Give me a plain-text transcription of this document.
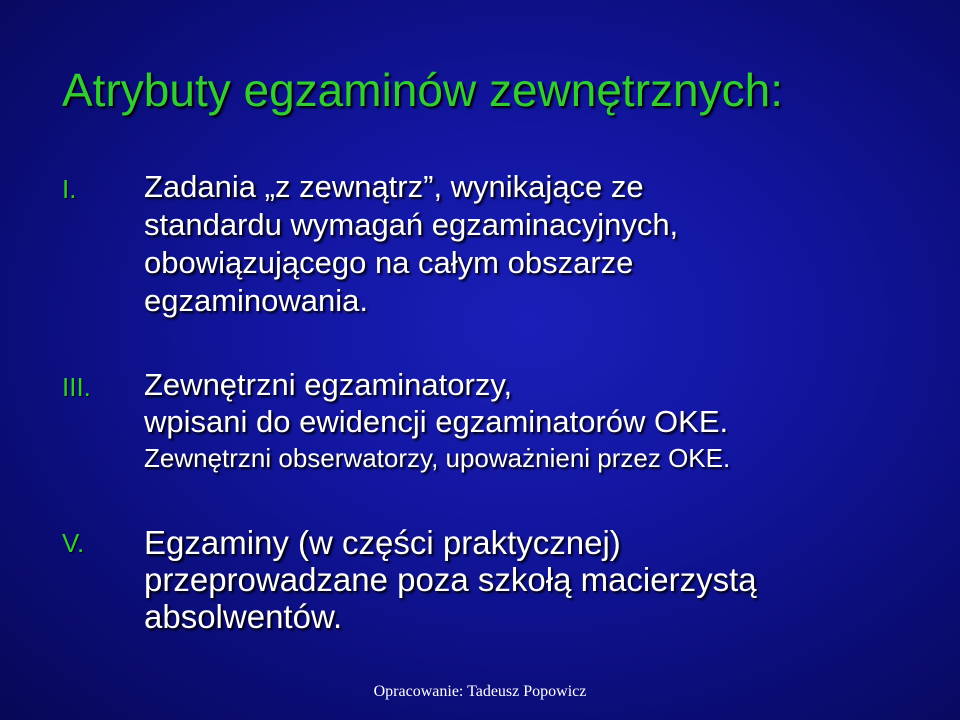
Atrybuty egzaminów zewnętrznych:
I. Zadania „z zewnątrz”, wynikające ze
standardu wymagań egzaminacyjnych,
obowiązującego na całym obszarze
egzaminowania.
III. Zewnętrzni egzaminatorzy,
wpisani do ewidencji egzaminatorów OKE.
Zewnętrzni obserwatorzy, upoważnieni przez OKE.
V. Egzaminy (w części praktycznej)
przeprowadzane poza szkołą macierzystą
absolwentów.
Opracowanie: Tadeusz Popowicz
